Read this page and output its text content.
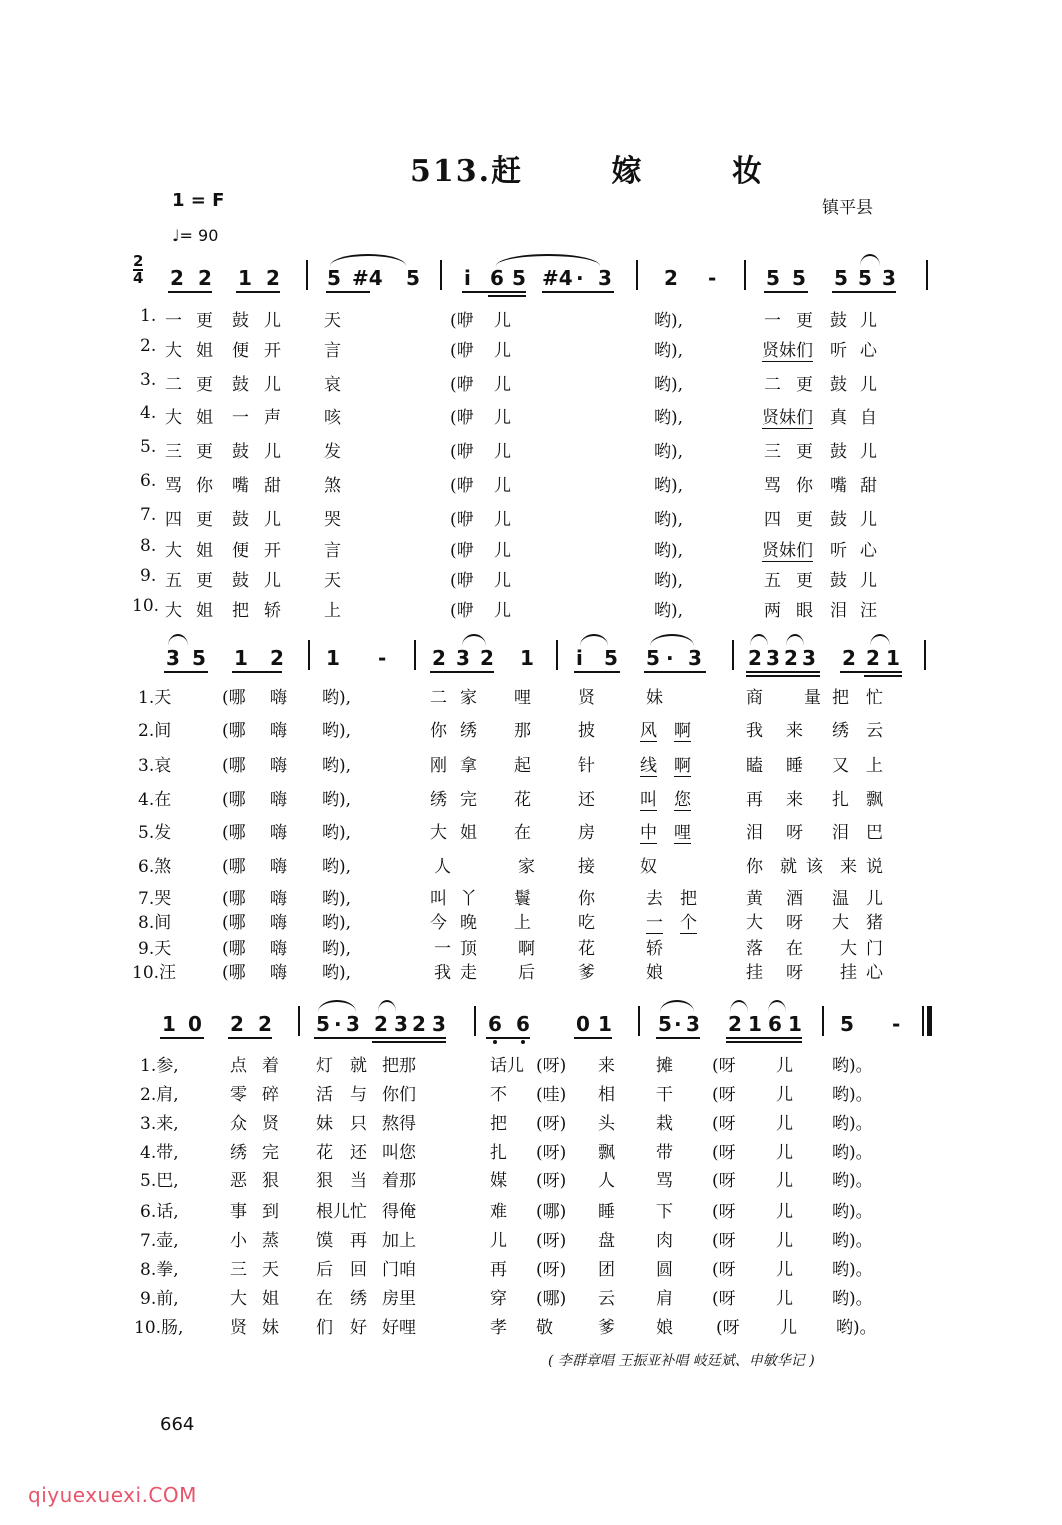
513.赶 嫁 妆
1 = F
♩= 90
镇平县
2
4 2 2 1 2 5 #4 5 i 6 5 #4 · 3	2 - 5 5 5 5 3
1. 一 更 鼓 儿	天	(咿 儿	哟),	一 更 鼓 儿
2. 大 姐 便 开	言	(咿 儿	哟),	贤妹们 听 心
3. 二 更 鼓 儿	哀	(咿 儿	哟),	二 更 鼓 儿
4. 大 姐 一 声	咳	(咿 儿	哟),	贤妹们 真 自
5. 三 更 鼓 儿	发	(咿 儿	哟),	三 更 鼓 儿
6. 骂 你 嘴 甜	煞	(咿 儿	哟),	骂 你 嘴 甜
7. 四 更 鼓 儿	哭	(咿 儿	哟),	四 更 鼓 儿
8. 大 姐 便 开	言	(咿 儿	哟),	贤妹们 听 心
9. 五 更 鼓 儿	天	(咿 儿	哟),	五 更 鼓 儿
10. 大 姐 把 轿	上	(咿 儿	哟),	两 眼 泪 汪
3 5 1 2 1 - 2 3 2 1 i 5 5 · 3 2 3 2 3 2 2 1
1.天	(哪 嗨 哟),	二 家 哩	贤	妹	商 量 把 忙
2.间	(哪 嗨 哟),	你 绣 那	披	风 啊	我 来 绣 云
3.哀	(哪 嗨 哟),	刚 拿 起	针	线 啊	瞌 睡 又 上
4.在	(哪 嗨 哟),	绣 完 花	还	叫 您	再 来 扎 飘
5.发	(哪 嗨 哟),	大 姐 在	房	中 哩	泪 呀 泪 巴
6.煞	(哪 嗨 哟),	人	家	接	奴	你 就 该 来 说
7.哭	(哪 嗨 哟),	叫 丫 鬟	你	去 把	黄 酒 温 儿
8.间	(哪 嗨 哟),	今 晚 上	吃	一 个	大 呀 大 猪
9.天	(哪 嗨 哟),	一 顶 啊	花	轿	落 在 大 门
10.汪	(哪 嗨 哟),	我 走 后	爹	娘	挂 呀 挂 心
1 0 2 2 5 · 3 2 3 2 3 6 6 0 1 5 · 3 2 1 6 1 5 -
1.参,	点 着 灯 就 把那	话儿 (呀) 来 摊 (呀 儿 哟)。
2.肩,	零 碎 活 与 你们	不 (哇) 相 干 (呀 儿 哟)。
3.来,	众 贤 妹 只 熬得	把 (呀) 头 栽 (呀 儿 哟)。
4.带,	绣 完 花 还 叫您	扎 (呀) 飘 带 (呀 儿 哟)。
5.巴,	恶 狠 狠 当 着那	媒 (呀) 人 骂 (呀 儿 哟)。
6.话,	事 到 根儿 忙 得俺	难 (哪) 睡 下 (呀 儿 哟)。
7.壶,	小 蒸 馍 再 加上	儿 (呀) 盘 肉 (呀 儿 哟)。
8.拳,	三 天 后 回 门咱	再 (呀) 团 圆 (呀 儿 哟)。
9.前,	大 姐 在 绣 房里	穿 (哪) 云 肩 (呀 儿 哟)。
10.肠,	贤 妹 们 好 好哩	孝 敬	爹 娘	(呀 儿 哟)。
( 李群章唱 王振亚补唱 岐廷斌、申敏华记 )
664
qiyuexuexi.COM
